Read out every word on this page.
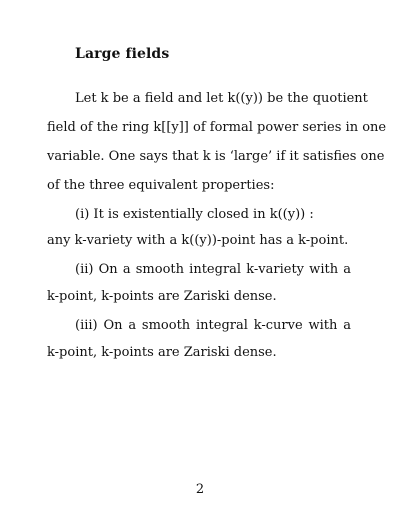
Large fields
Let k be a field and let k((y)) be the quotient
field of the ring k[[y]] of formal power series in one
variable. One says that k is ‘large’ if it satisfies one
of the three equivalent properties:
(i) It is existentially closed in k((y)) :
any k-variety with a k((y))-point has a k-point.
(ii) On a smooth integral k-variety with a
k-point, k-points are Zariski dense.
(iii) On a smooth integral k-curve with a
k-point, k-points are Zariski dense.
2
